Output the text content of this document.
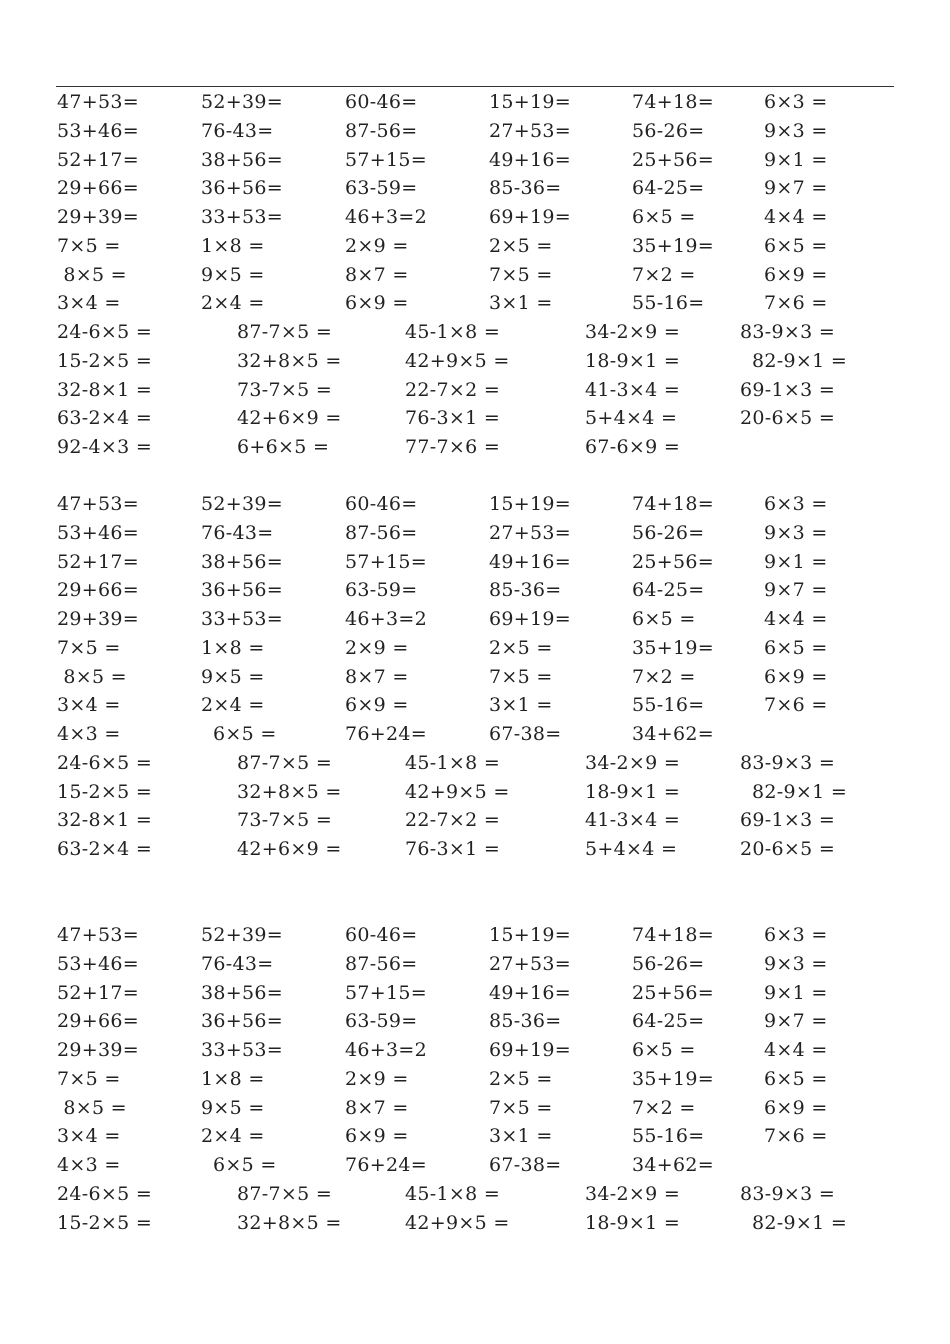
47+53=	52+39=	60-46=	15+19=	74+18=	6×3 =
53+46=	76-43=	87-56=	27+53=	56-26=	9×3 =
52+17=	38+56=	57+15=	49+16=	25+56=	9×1 =
29+66=	36+56=	63-59=	85-36=	64-25=	9×7 =
29+39=	33+53=	46+3=2	69+19=	6×5 =	4×4 =
7×5 =	1×8 =	2×9 =	2×5 =	35+19=	6×5 =
8×5 =	9×5 =	8×7 =	7×5 =	7×2 =	6×9 =
3×4 =	2×4 =	6×9 =	3×1 =	55-16=	7×6 =
24-6×5 =	87-7×5 =	45-1×8 =	34-2×9 =	83-9×3 =
15-2×5 =	32+8×5 =	42+9×5 =	18-9×1 =	82-9×1 =
32-8×1 =	73-7×5 =	22-7×2 =	41-3×4 =	69-1×3 =
63-2×4 =	42+6×9 =	76-3×1 =	5+4×4 =	20-6×5 =
92-4×3 =	6+6×5 =	77-7×6 =	67-6×9 =
47+53=	52+39=	60-46=	15+19=	74+18=	6×3 =
53+46=	76-43=	87-56=	27+53=	56-26=	9×3 =
52+17=	38+56=	57+15=	49+16=	25+56=	9×1 =
29+66=	36+56=	63-59=	85-36=	64-25=	9×7 =
29+39=	33+53=	46+3=2	69+19=	6×5 =	4×4 =
7×5 =	1×8 =	2×9 =	2×5 =	35+19=	6×5 =
8×5 =	9×5 =	8×7 =	7×5 =	7×2 =	6×9 =
3×4 =	2×4 =	6×9 =	3×1 =	55-16=	7×6 =
4×3 =	6×5 =	76+24=	67-38=	34+62=
24-6×5 =	87-7×5 =	45-1×8 =	34-2×9 =	83-9×3 =
15-2×5 =	32+8×5 =	42+9×5 =	18-9×1 =	82-9×1 =
32-8×1 =	73-7×5 =	22-7×2 =	41-3×4 =	69-1×3 =
63-2×4 =	42+6×9 =	76-3×1 =	5+4×4 =	20-6×5 =
47+53=	52+39=	60-46=	15+19=	74+18=	6×3 =
53+46=	76-43=	87-56=	27+53=	56-26=	9×3 =
52+17=	38+56=	57+15=	49+16=	25+56=	9×1 =
29+66=	36+56=	63-59=	85-36=	64-25=	9×7 =
29+39=	33+53=	46+3=2	69+19=	6×5 =	4×4 =
7×5 =	1×8 =	2×9 =	2×5 =	35+19=	6×5 =
8×5 =	9×5 =	8×7 =	7×5 =	7×2 =	6×9 =
3×4 =	2×4 =	6×9 =	3×1 =	55-16=	7×6 =
4×3 =	6×5 =	76+24=	67-38=	34+62=
24-6×5 =	87-7×5 =	45-1×8 =	34-2×9 =	83-9×3 =
15-2×5 =	32+8×5 =	42+9×5 =	18-9×1 =	82-9×1 =
